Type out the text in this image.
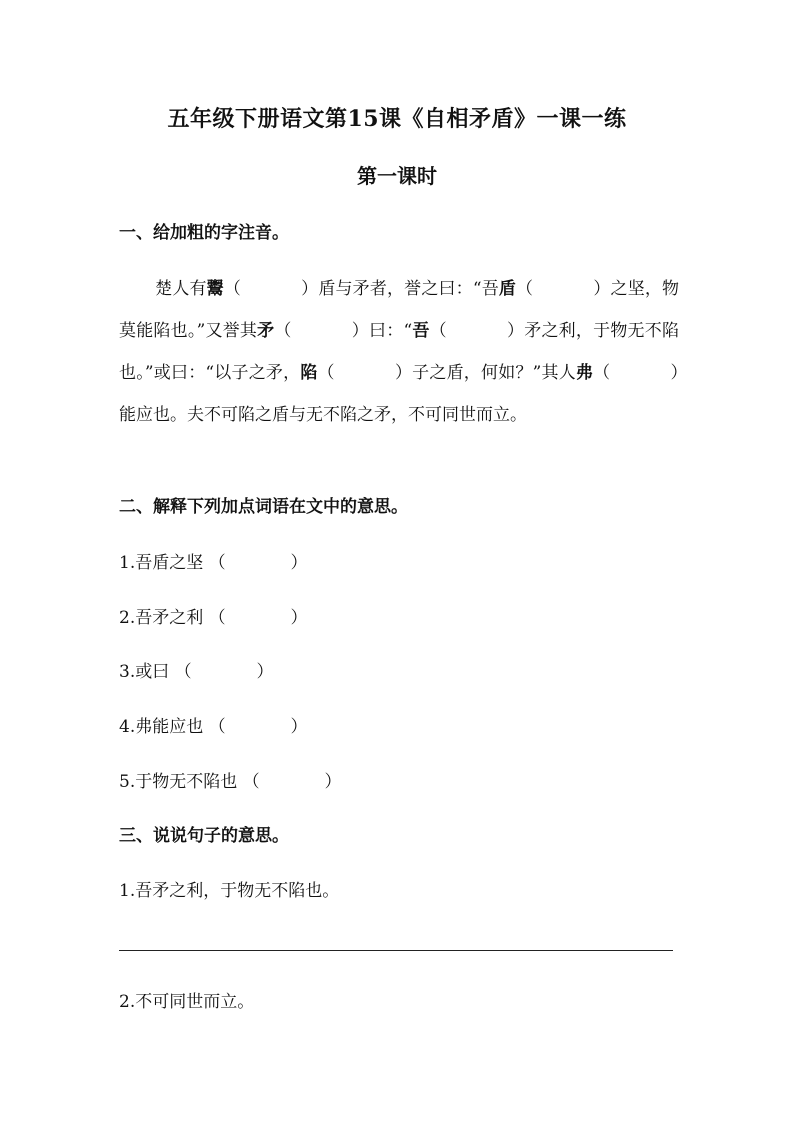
五年级下册语文第15课《自相矛盾》一课一练
第一课时
一、给加粗的字注音。
楚人有鬻（	）盾与矛者，誉之曰：“吾盾（	）之坚，物莫能陷也。”又誉其矛（	）曰：“吾（	）矛之利，于物无不陷也。”或曰：“以子之矛，陷（	）子之盾，何如？”其人弗（	）能应也。夫不可陷之盾与无不陷之矛，不可同世而立。
二、解释下列加点词语在文中的意思。
1.吾盾之坚 （            ）
2.吾矛之利 （            ）
3.或曰 （            ）
4.弗能应也 （            ）
5.于物无不陷也 （            ）
三、说说句子的意思。
1.吾矛之利，于物无不陷也。
2.不可同世而立。
